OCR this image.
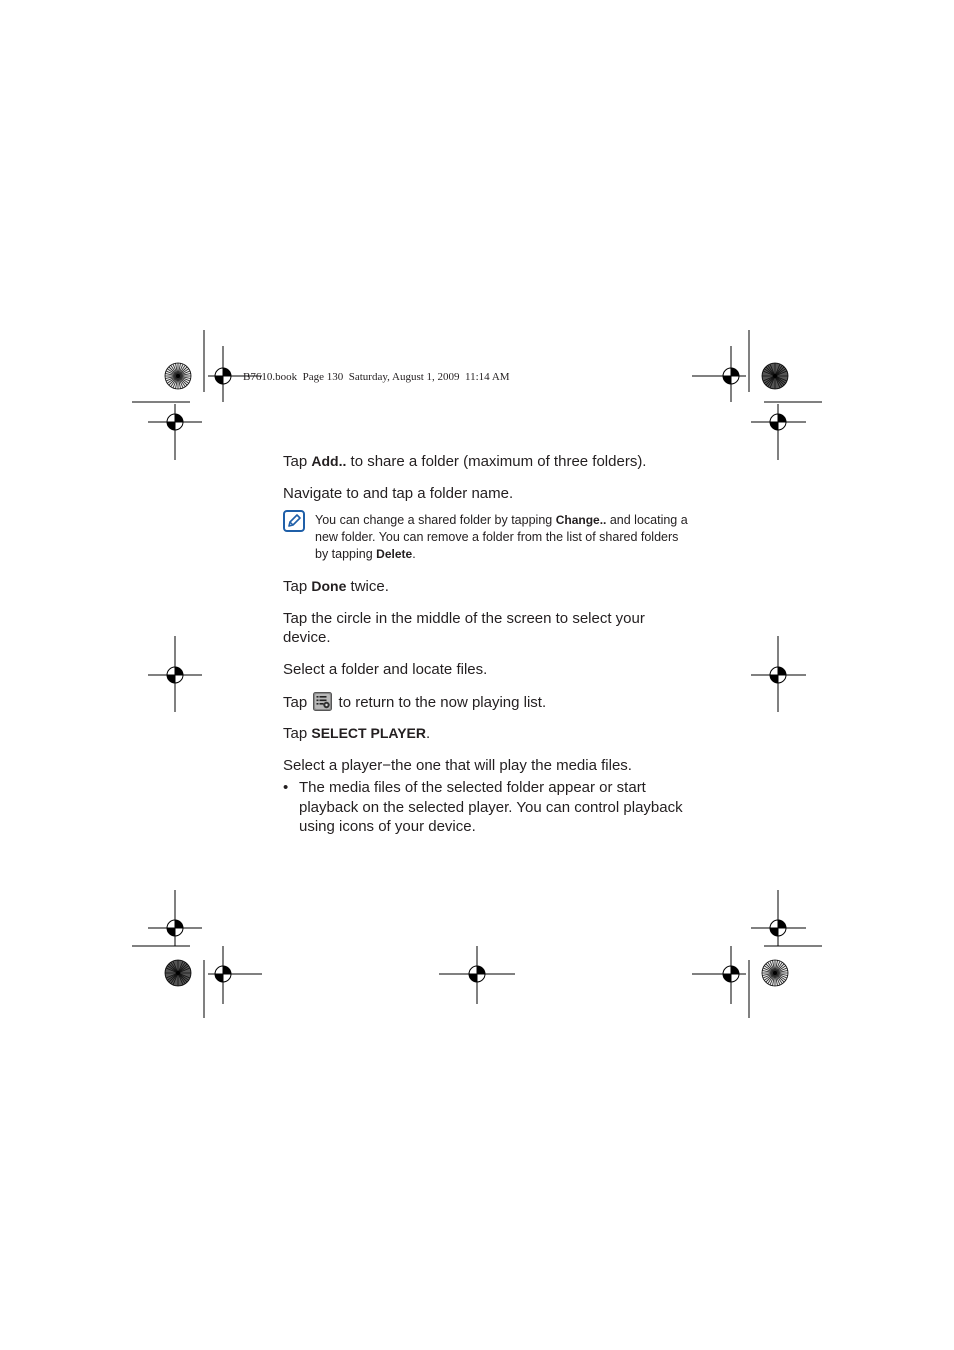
B7610.book  Page 130  Saturday, August 1, 2009  11:14 AM
Tap Add.. to share a folder (maximum of three folders).
Navigate to and tap a folder name.
You can change a shared folder by tapping Change.. and locating a new folder. You can remove a folder from the list of shared folders by tapping Delete.
Tap Done twice.
Tap the circle in the middle of the screen to select your device.
Select a folder and locate files.
Tap  to return to the now playing list.
Tap SELECT PLAYER.
Select a player−the one that will play the media files.
• The media files of the selected folder appear or start playback on the selected player. You can control playback using icons of your device.
